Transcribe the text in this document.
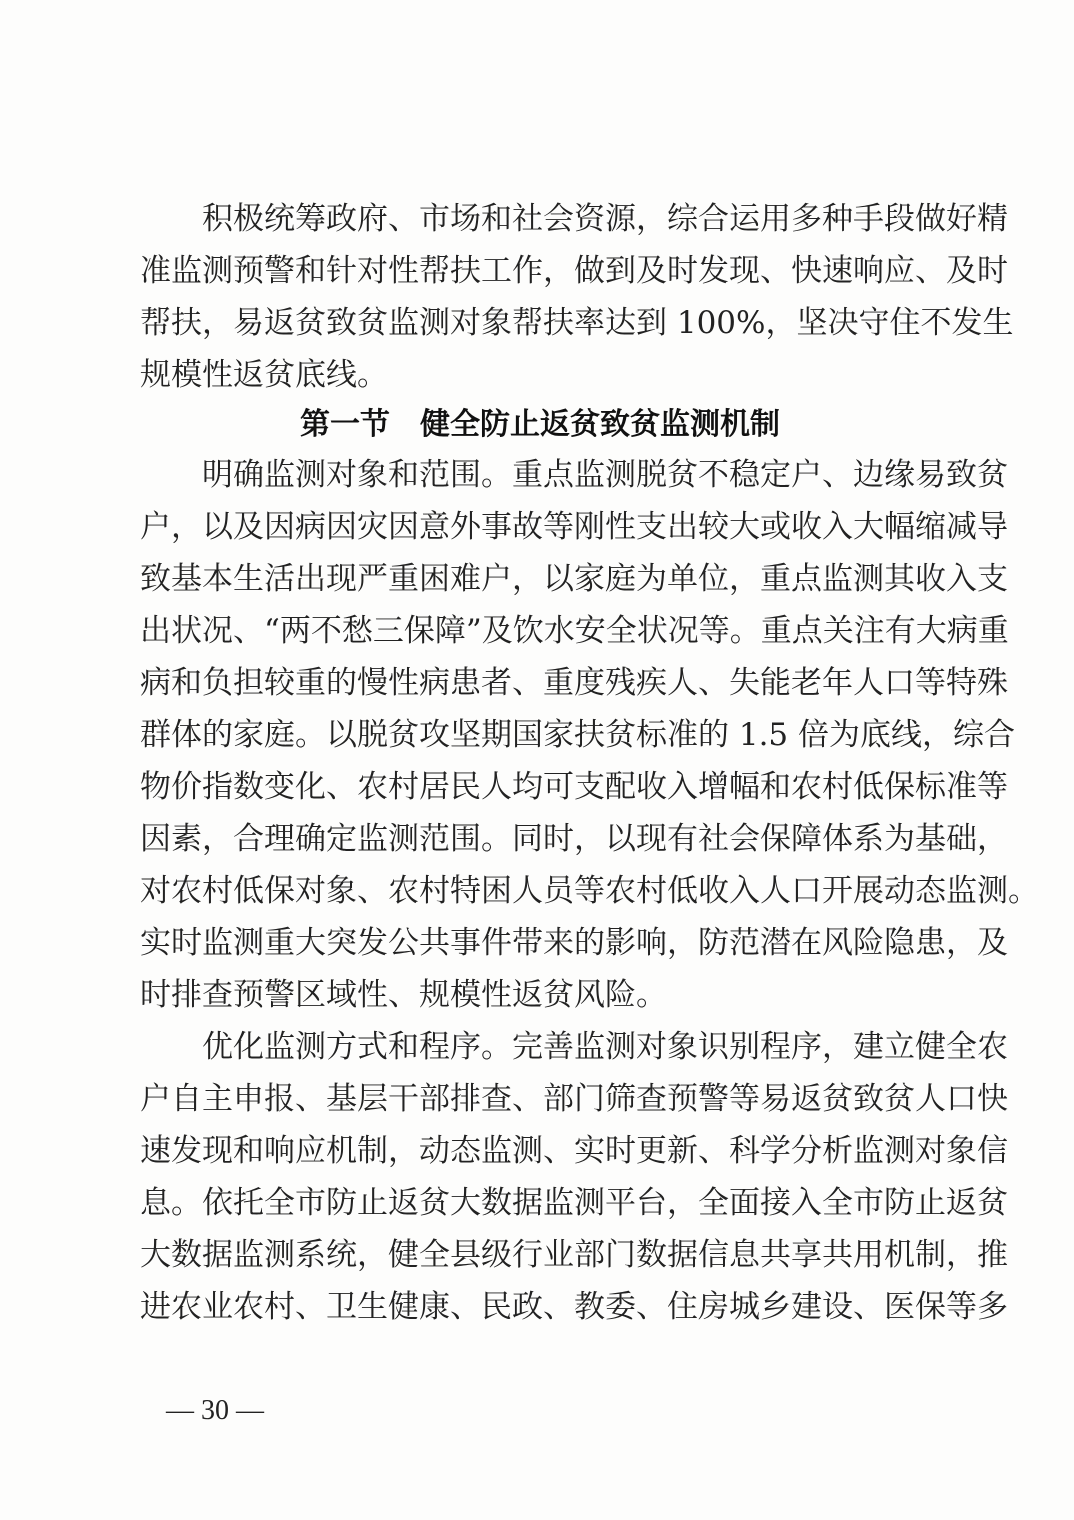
积极统筹政府、市场和社会资源，综合运用多种手段做好精
准监测预警和针对性帮扶工作，做到及时发现、快速响应、及时
帮扶，易返贫致贫监测对象帮扶率达到 100%，坚决守住不发生
规模性返贫底线。
第一节　健全防止返贫致贫监测机制
明确监测对象和范围。重点监测脱贫不稳定户、边缘易致贫
户，以及因病因灾因意外事故等刚性支出较大或收入大幅缩减导
致基本生活出现严重困难户，以家庭为单位，重点监测其收入支
出状况、“两不愁三保障”及饮水安全状况等。重点关注有大病重
病和负担较重的慢性病患者、重度残疾人、失能老年人口等特殊
群体的家庭。以脱贫攻坚期国家扶贫标准的 1.5 倍为底线，综合
物价指数变化、农村居民人均可支配收入增幅和农村低保标准等
因素，合理确定监测范围。同时，以现有社会保障体系为基础，
对农村低保对象、农村特困人员等农村低收入人口开展动态监测。
实时监测重大突发公共事件带来的影响，防范潜在风险隐患，及
时排查预警区域性、规模性返贫风险。
优化监测方式和程序。完善监测对象识别程序，建立健全农
户自主申报、基层干部排查、部门筛查预警等易返贫致贫人口快
速发现和响应机制，动态监测、实时更新、科学分析监测对象信
息。依托全市防止返贫大数据监测平台，全面接入全市防止返贫
大数据监测系统，健全县级行业部门数据信息共享共用机制，推
进农业农村、卫生健康、民政、教委、住房城乡建设、医保等多
— 30 —
